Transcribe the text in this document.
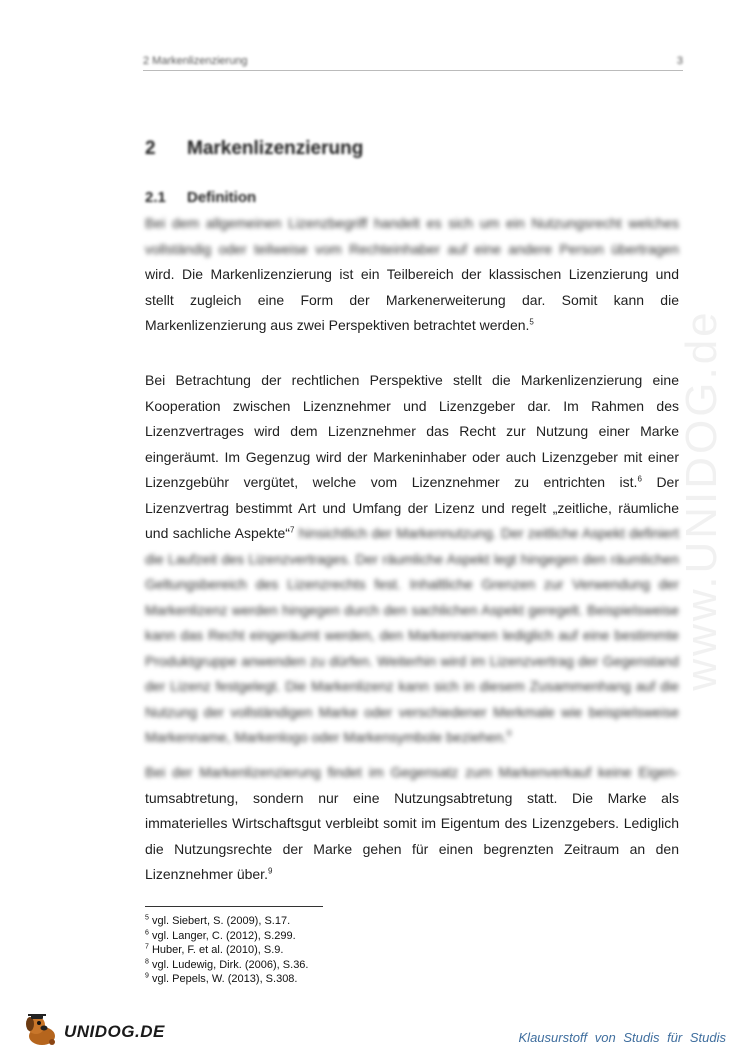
www.UNIDOG.de
2 Markenlizenzierung	3
2 Markenlizenzierung
2.1 Definition

Bei dem allgemeinen Lizenzbegriff handelt es sich um ein Nutzungsrecht welches vollständig oder teilweise vom Rechteinhaber auf eine andere Person übertragen wird. Die Markenlizenzierung ist ein Teilbereich der klassischen Lizenzierung und stellt zugleich eine Form der Markenerweiterung dar. Somit kann die Markenlizenzierung aus zwei Perspektiven betrachtet werden.$^5$

Bei Betrachtung der rechtlichen Perspektive stellt die Markenlizenzierung eine Kooperation zwischen Lizenznehmer und Lizenzgeber dar. Im Rahmen des Lizenzvertrages wird dem Lizenznehmer das Recht zur Nutzung einer Marke eingeräumt. Im Gegenzug wird der Markeninhaber oder auch Lizenzgeber mit einer Lizenzgebühr vergütet, welche vom Lizenznehmer zu entrichten ist.$^6$ Der Lizenzvertrag bestimmt Art und Umfang der Lizenz und regelt „zeitliche, räumliche und sachliche Aspekte“$^7$ hinsichtlich der Markennutzung. Der zeitliche Aspekt definiert die Laufzeit des Lizenzvertrages. Der räumliche Aspekt legt hingegen den räumlichen Geltungsbereich des Lizenzrechts fest. Inhaltliche Grenzen zur Verwendung der Markenlizenz werden hingegen durch den sachlichen Aspekt geregelt. Beispielsweise kann das Recht eingeräumt werden, den Markennamen lediglich auf eine bestimmte Produktgruppe anwenden zu dürfen. Weiterhin wird im Lizenzvertrag der Gegenstand der Lizenz festgelegt. Die Markenlizenz kann sich in diesem Zusammenhang auf die Nutzung der vollständigen Marke oder verschiedener Merkmale wie beispielsweise Markenname, Markenlogo oder Markensymbole beziehen.$^8$

Bei der Markenlizenzierung findet im Gegensatz zum Markenverkauf keine Eigen- tumsabtretung, sondern nur eine Nutzungsabtretung statt. Die Marke als immaterielles Wirtschaftsgut verbleibt somit im Eigentum des Lizenzgebers. Lediglich die Nutzungsrechte der Marke gehen für einen begrenzten Zeitraum an den Lizenznehmer über.$^9$

$^5$ vgl. Siebert, S. (2009), S.17.
$^6$ vgl. Langer, C. (2012), S.299.
$^7$ Huber, F. et al. (2010), S.9.
$^8$ vgl. Ludewig, Dirk. (2006), S.36.
$^9$ vgl. Pepels, W. (2013), S.308.
UNIDOG.DE	Klausurstoff von Studis für Studis
